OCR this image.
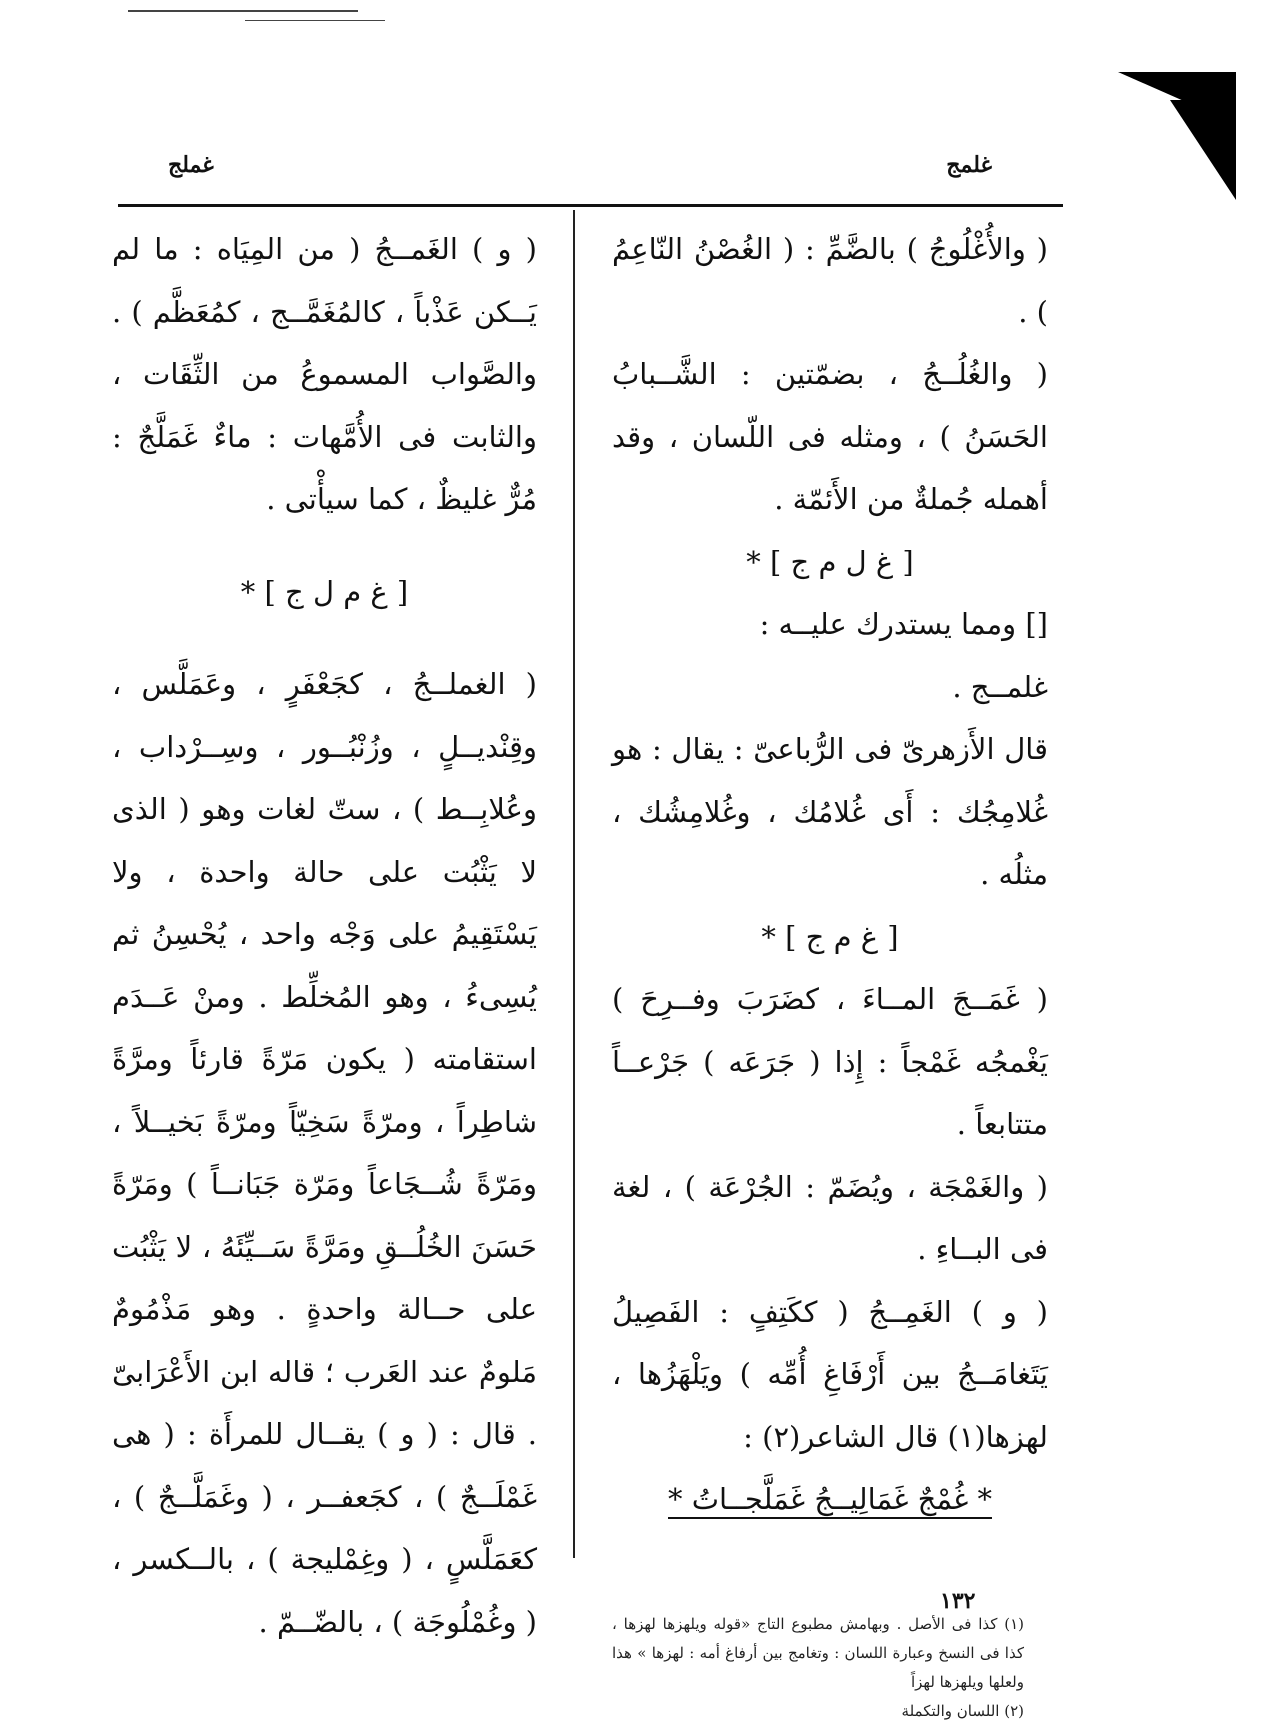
غلمج
غملج

( والأُغْلُوجُ ) بالضَّمِّ : ( الغُصْنُ النّاعِمُ ) .

( والغُلُــجُ ، بضمّتين : الشَّــبابُ الحَسَنُ ) ، ومثله فى اللّسان ، وقد أهمله جُملةٌ من الأَئمّة .

[ غ ل م ج ] *

[] ومما يستدرك عليــه :

غلمــج .

قال الأَزهرىّ فى الرُّباعىّ : يقال : هو غُلامِجُك : أَى غُلامُك ، وغُلامِشُك ، مثلُه .

[ غ م ج ] *

( غَمَــجَ المــاءَ ، كضَرَبَ وفــرِحَ ) يَغْمجُه غَمْجاً : إِذا ( جَرَعَه ) جَرْعــاً متتابعاً .

( والغَمْجَة ، ويُضَمّ : الجُرْعَة ) ، لغة فى البــاءِ .

( و ) الغَمِــجُ ( ككَتِفٍ : الفَصِيلُ يَتَغامَــجُ بين أَرْفَاغِ أُمِّه ) ويَلْهَزُها ، لهزها(١) قال الشاعر(٢) :

* غُمْجٌ غَمَالِيــجُ غَمَلَّجــاتُ *

( و ) الغَمــجُ ( من المِيَاه : ما لم يَــكن عَذْباً ، كالمُغَمَّــج ، كمُعَظَّم ) . والصَّواب المسموعُ من الثِّقَات ، والثابت فى الأُمَّهات : ماءٌ غَمَلَّجٌ : مُرٌّ غليظٌ ، كما سيأْتى .

[ غ م ل ج ] *

( الغملــجُ ، كجَعْفَرٍ ، وعَمَلَّس ، وقِنْديــلٍ ، وزُنْبُــور ، وسِــرْداب ، وعُلابِــط ) ، ستّ لغات وهو ( الذى لا يَثْبُت على حالة واحدة ، ولا يَسْتَقِيمُ على وَجْه واحد ، يُحْسِنُ ثم يُسِىءُ ، وهو المُخلِّط . ومنْ عَــدَم استقامته ( يكون مَرّةً قارئاً ومرَّةً شاطِراً ، ومرّةً سَخِيّاً ومرّةً بَخيــلاً ، ومَرّةً شُــجَاعاً ومَرّة جَبَانــاً ) ومَرّةً حَسَنَ الخُلُــقِ ومَرَّةً سَــيِّئَهُ ، لا يَثْبُت على حــالة واحدةٍ . وهو مَذْمُومٌ مَلومٌ عند العَرب ؛ قاله ابن الأَعْرَابىّ . قال : ( و ) يقــال للمرأَة : ( هى غَمْلَــجٌ ) ، كجَعفــر ، ( وغَمَلَّــجٌ ) ، كعَمَلَّسٍ ، ( وغِمْليجة ) ، بالــكسر ، ( وغُمْلُوجَة ) ، بالضّــمّ .	(١) كذا فى الأصل . وبهامش مطبوع التاج «قوله ويلهزها لهزها ، كذا فى النسخ وعبارة اللسان : وتغامج بين أرفاغ أمه : لهزها » هذا ولعلها ويلهزها لهزاً

(٢) اللسان والتكملة

١٣٢
